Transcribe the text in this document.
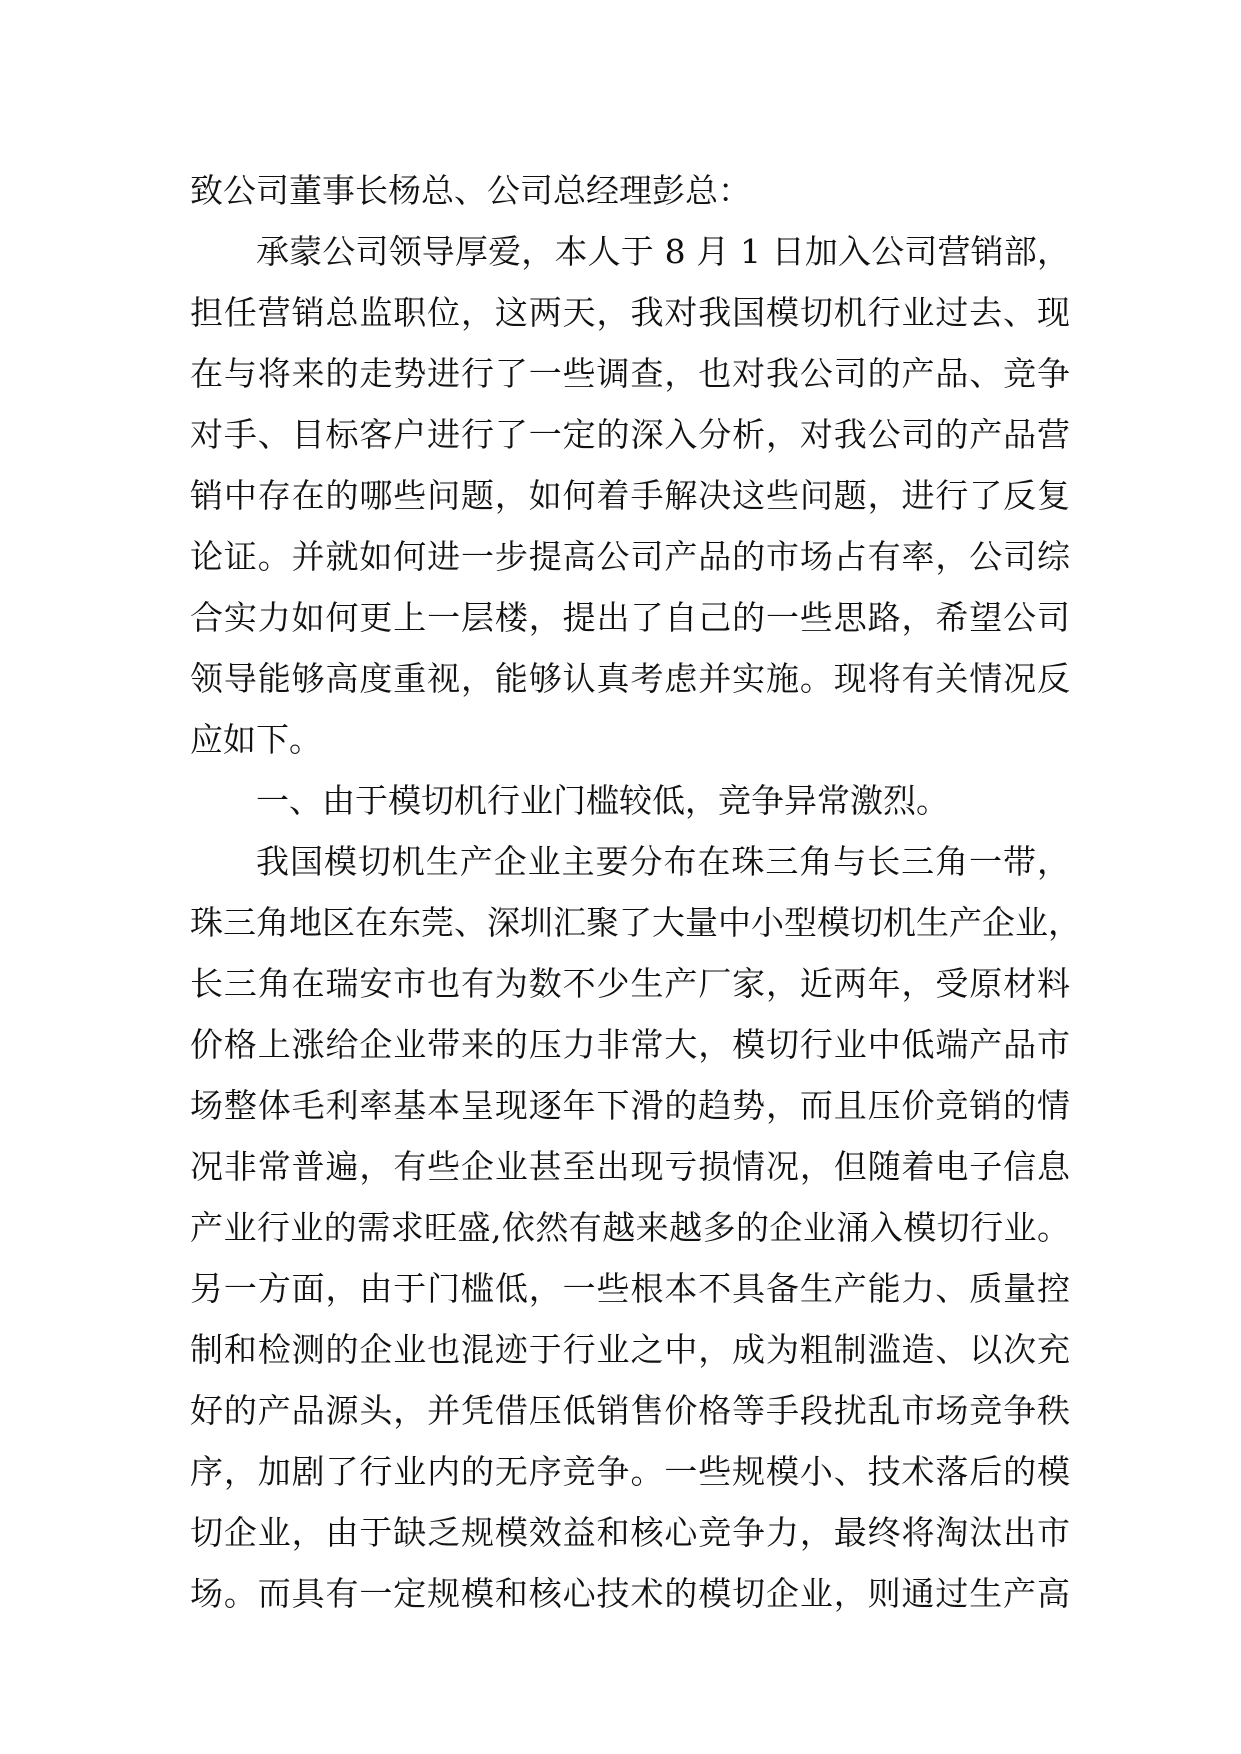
致公司董事长杨总、公司总经理彭总：
承蒙公司领导厚爱，本人于 8 月 1 日加入公司营销部，
担任营销总监职位，这两天，我对我国模切机行业过去、现
在与将来的走势进行了一些调查，也对我公司的产品、竞争
对手、目标客户进行了一定的深入分析，对我公司的产品营
销中存在的哪些问题，如何着手解决这些问题，进行了反复
论证。并就如何进一步提高公司产品的市场占有率，公司综
合实力如何更上一层楼，提出了自己的一些思路，希望公司
领导能够高度重视，能够认真考虑并实施。现将有关情况反
应如下。
一、由于模切机行业门槛较低，竞争异常激烈。
我国模切机生产企业主要分布在珠三角与长三角一带，
珠三角地区在东莞、深圳汇聚了大量中小型模切机生产企业，
长三角在瑞安市也有为数不少生产厂家，近两年，受原材料
价格上涨给企业带来的压力非常大，模切行业中低端产品市
场整体毛利率基本呈现逐年下滑的趋势，而且压价竞销的情
况非常普遍，有些企业甚至出现亏损情况，但随着电子信息
产业行业的需求旺盛,依然有越来越多的企业涌入模切行业。
另一方面，由于门槛低，一些根本不具备生产能力、质量控
制和检测的企业也混迹于行业之中，成为粗制滥造、以次充
好的产品源头，并凭借压低销售价格等手段扰乱市场竞争秩
序，加剧了行业内的无序竞争。一些规模小、技术落后的模
切企业，由于缺乏规模效益和核心竞争力，最终将淘汰出市
场。而具有一定规模和核心技术的模切企业，则通过生产高
